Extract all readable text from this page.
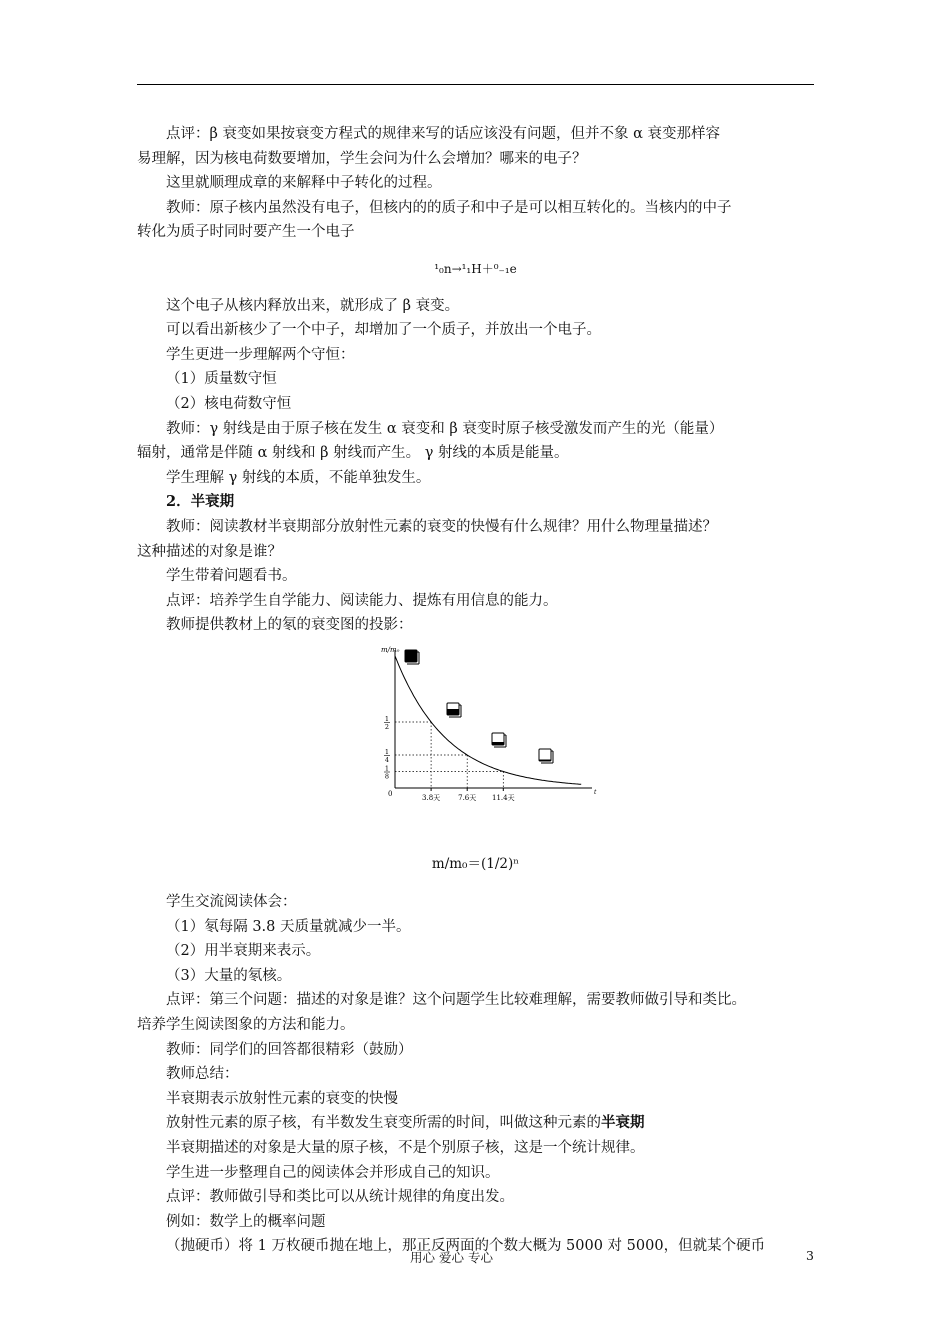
点评：β 衰变如果按衰变方程式的规律来写的话应该没有问题，但并不象 α 衰变那样容

易理解，因为核电荷数要增加，学生会问为什么会增加？哪来的电子？

这里就顺理成章的来解释中子转化的过程。

教师：原子核内虽然没有电子，但核内的的质子和中子是可以相互转化的。当核内的中子

转化为质子时同时要产生一个电子

¹₀n→¹₁H＋⁰₋₁e

这个电子从核内释放出来，就形成了 β 衰变。

可以看出新核少了一个中子，却增加了一个质子，并放出一个电子。

学生更进一步理解两个守恒：

（1）质量数守恒

（2）核电荷数守恒

教师：γ 射线是由于原子核在发生 α 衰变和 β 衰变时原子核受激发而产生的光（能量）

辐射，通常是伴随 α 射线和 β 射线而产生。 γ 射线的本质是能量。

学生理解 γ 射线的本质，不能单独发生。

2．半衰期

教师：阅读教材半衰期部分放射性元素的衰变的快慢有什么规律？用什么物理量描述？

这种描述的对象是谁？

学生带着问题看书。

点评：培养学生自学能力、阅读能力、提炼有用信息的能力。

教师提供教材上的氡的衰变图的投影：

m/m₀
t
0	3.8天
1
2
7.6天
1
4
11.4天
1
8

m/m₀＝(1/2)ⁿ

学生交流阅读体会：

（1）氡每隔 3.8 天质量就减少一半。

（2）用半衰期来表示。

（3）大量的氡核。

点评：第三个问题：描述的对象是谁？这个问题学生比较难理解，需要教师做引导和类比。

培养学生阅读图象的方法和能力。

教师：同学们的回答都很精彩（鼓励）

教师总结：

半衰期表示放射性元素的衰变的快慢

放射性元素的原子核，有半数发生衰变所需的时间，叫做这种元素的半衰期

半衰期描述的对象是大量的原子核，不是个别原子核，这是一个统计规律。

学生进一步整理自己的阅读体会并形成自己的知识。

点评：教师做引导和类比可以从统计规律的角度出发。

例如：数学上的概率问题

（抛硬币）将 1 万枚硬币抛在地上，那正反两面的个数大概为 5000 对 5000，但就某个硬币

用心 爱心 专心	3
